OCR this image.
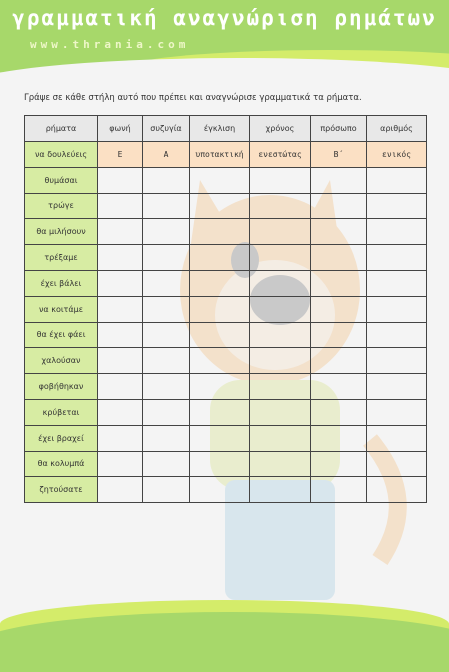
γραμματική αναγνώριση ρημάτων
www.thrania.com
Γράψε σε κάθε στήλη αυτό που πρέπει και αναγνώρισε γραμματικά τα ρήματα.
ρήματα	φωνή	συζυγία	έγκλιση	χρόνος	πρόσωπο	αριθμός
να δουλεύεις	Ε	Α	υποτακτική	ενεστώτας	Β΄	ενικός
θυμάσαι						
τρώγε						
θα μιλήσουν						
τρέξαμε						
έχει βάλει						
να κοιτάμε						
θα έχει φάει						
χαλούσαν						
φοβήθηκαν						
κρύβεται						
έχει βραχεί						
θα κολυμπά						
ζητούσατε						
